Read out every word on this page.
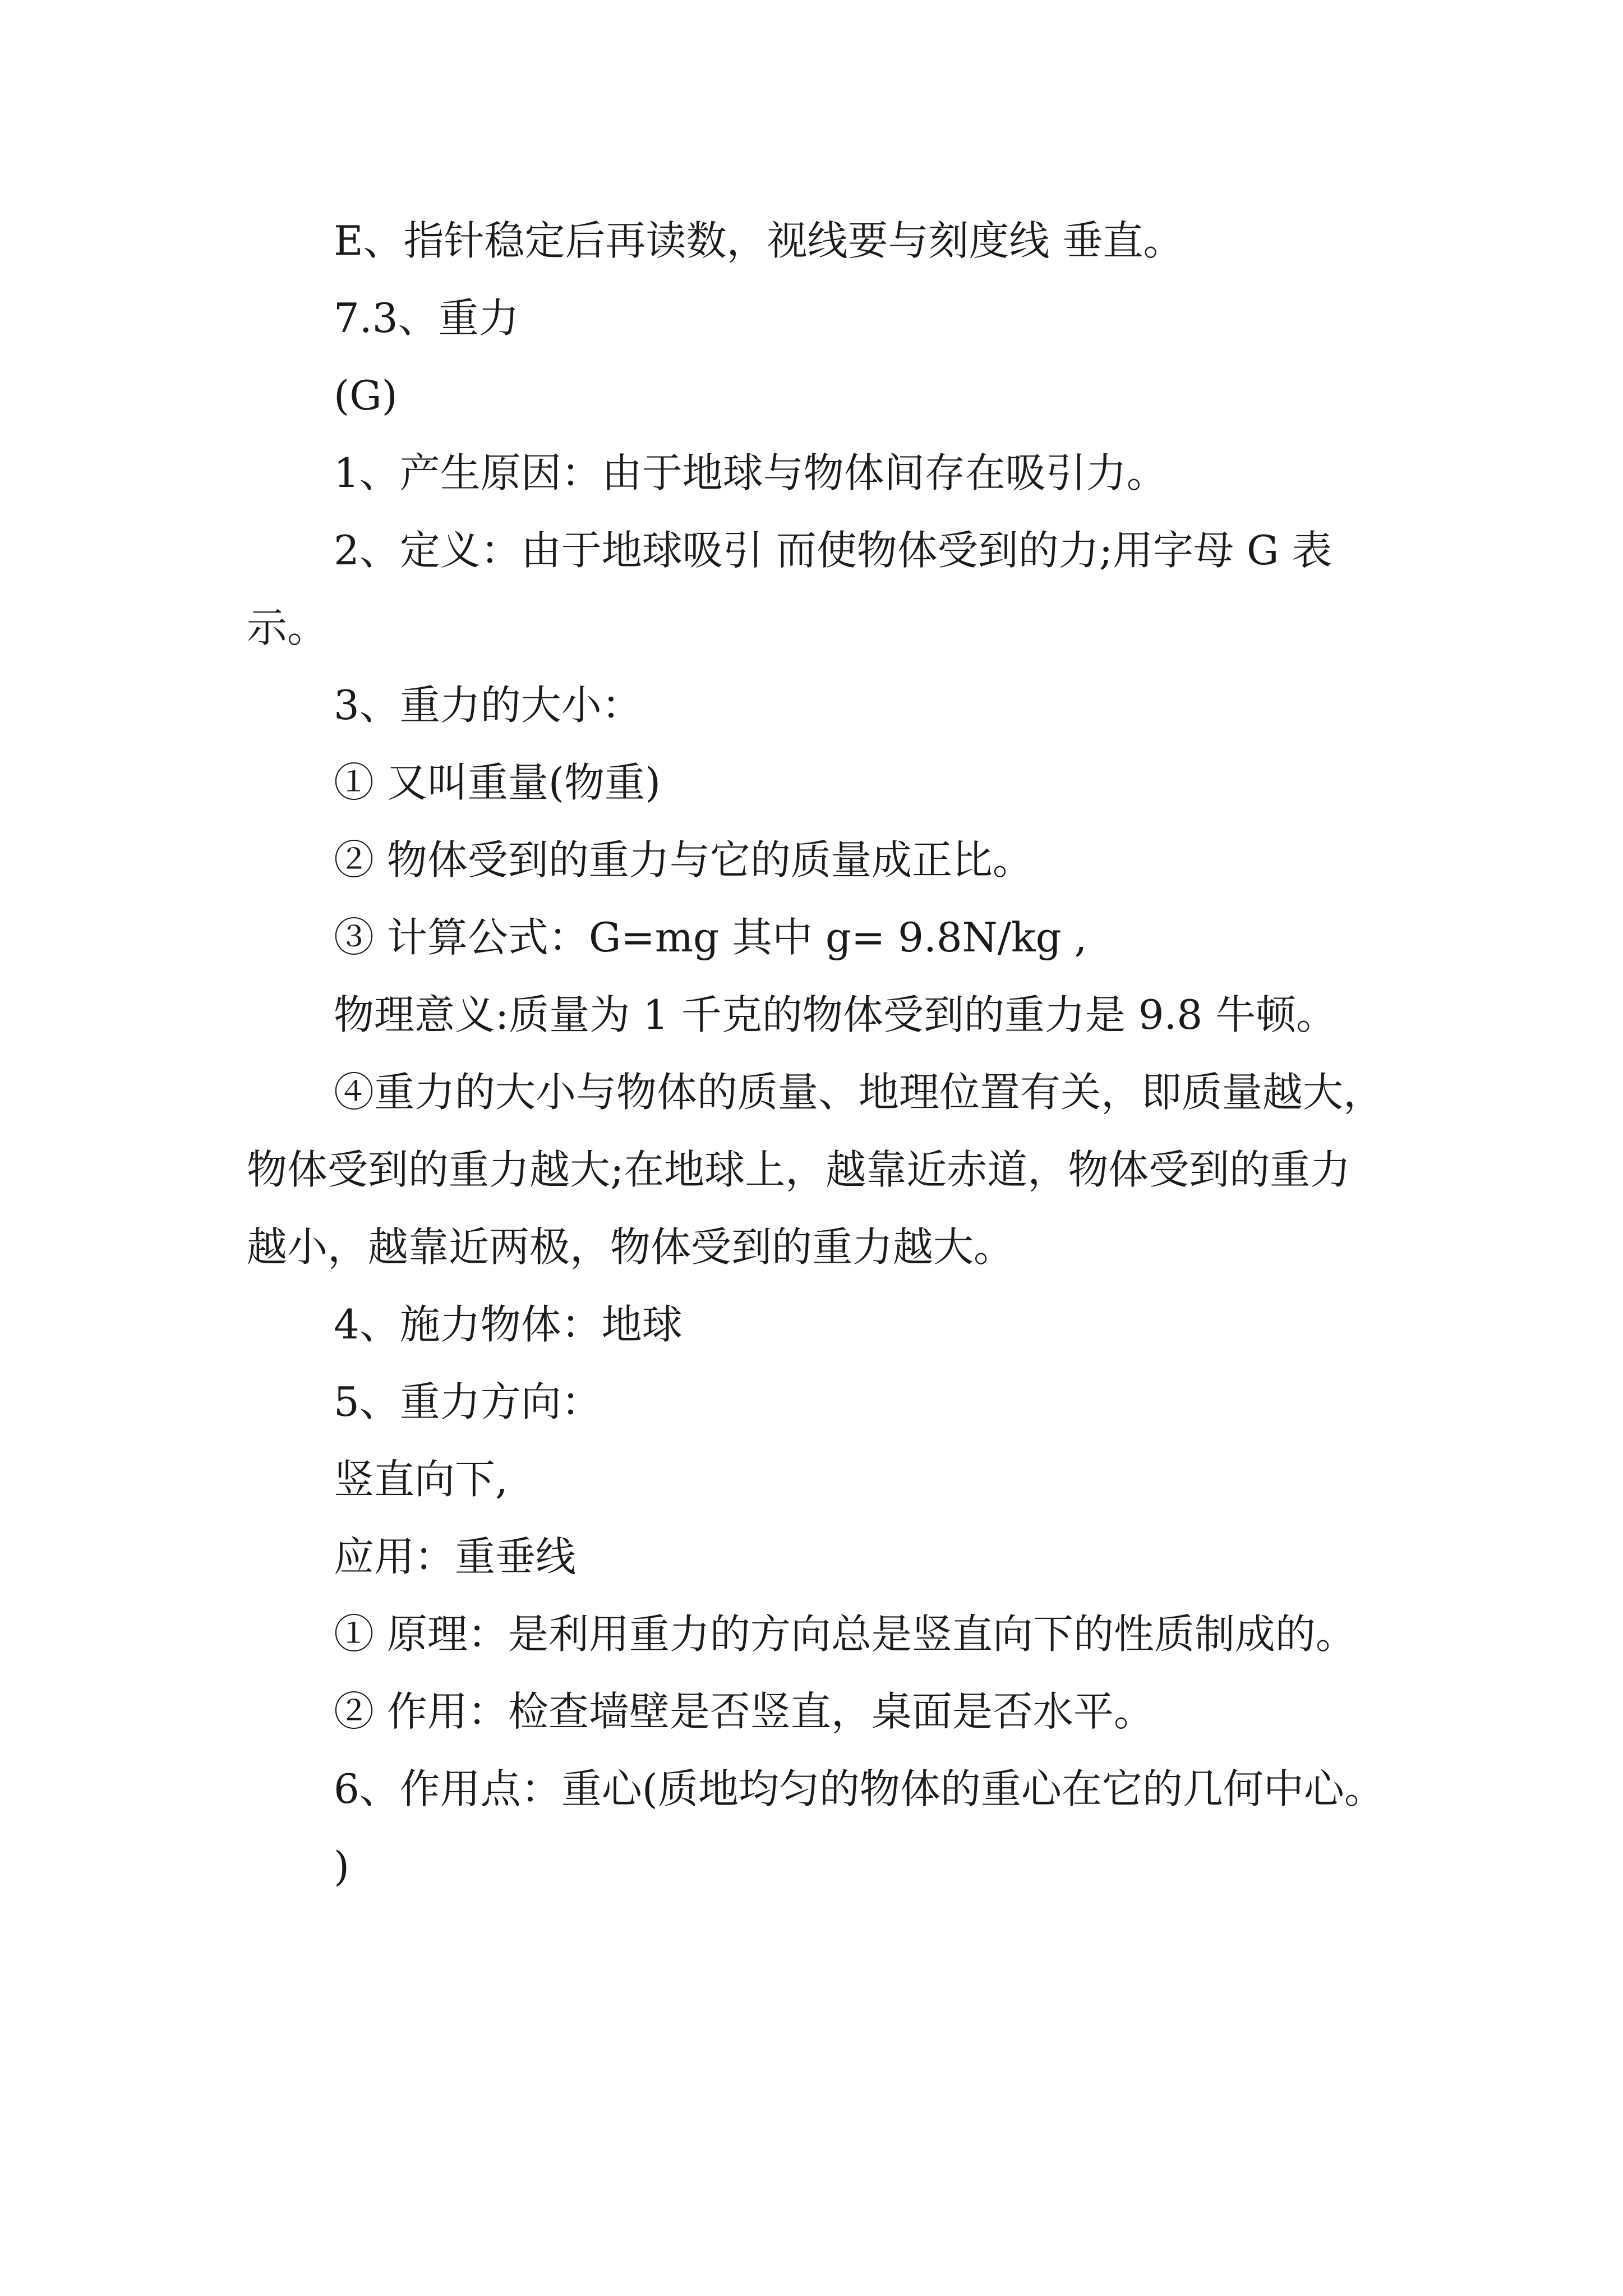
E、指针稳定后再读数，视线要与刻度线 垂直。

7.3、重力

(G)

1、产生原因：由于地球与物体间存在吸引力。

2、定义：由于地球吸引 而使物体受到的力;用字母 G 表示。

3、重力的大小：

① 又叫重量(物重)

② 物体受到的重力与它的质量成正比。

③ 计算公式：G=mg 其中 g= 9.8N/kg ,

物理意义:质量为 1 千克的物体受到的重力是 9.8 牛顿。

④重力的大小与物体的质量、地理位置有关，即质量越大，物体受到的重力越大;在地球上，越靠近赤道，物体受到的重力越小，越靠近两极，物体受到的重力越大。

4、施力物体：地球

5、重力方向：

竖直向下,

应用：重垂线

① 原理：是利用重力的方向总是竖直向下的性质制成的。

② 作用：检查墙壁是否竖直，桌面是否水平。

6、作用点：重心(质地均匀的物体的重心在它的几何中心。

)
